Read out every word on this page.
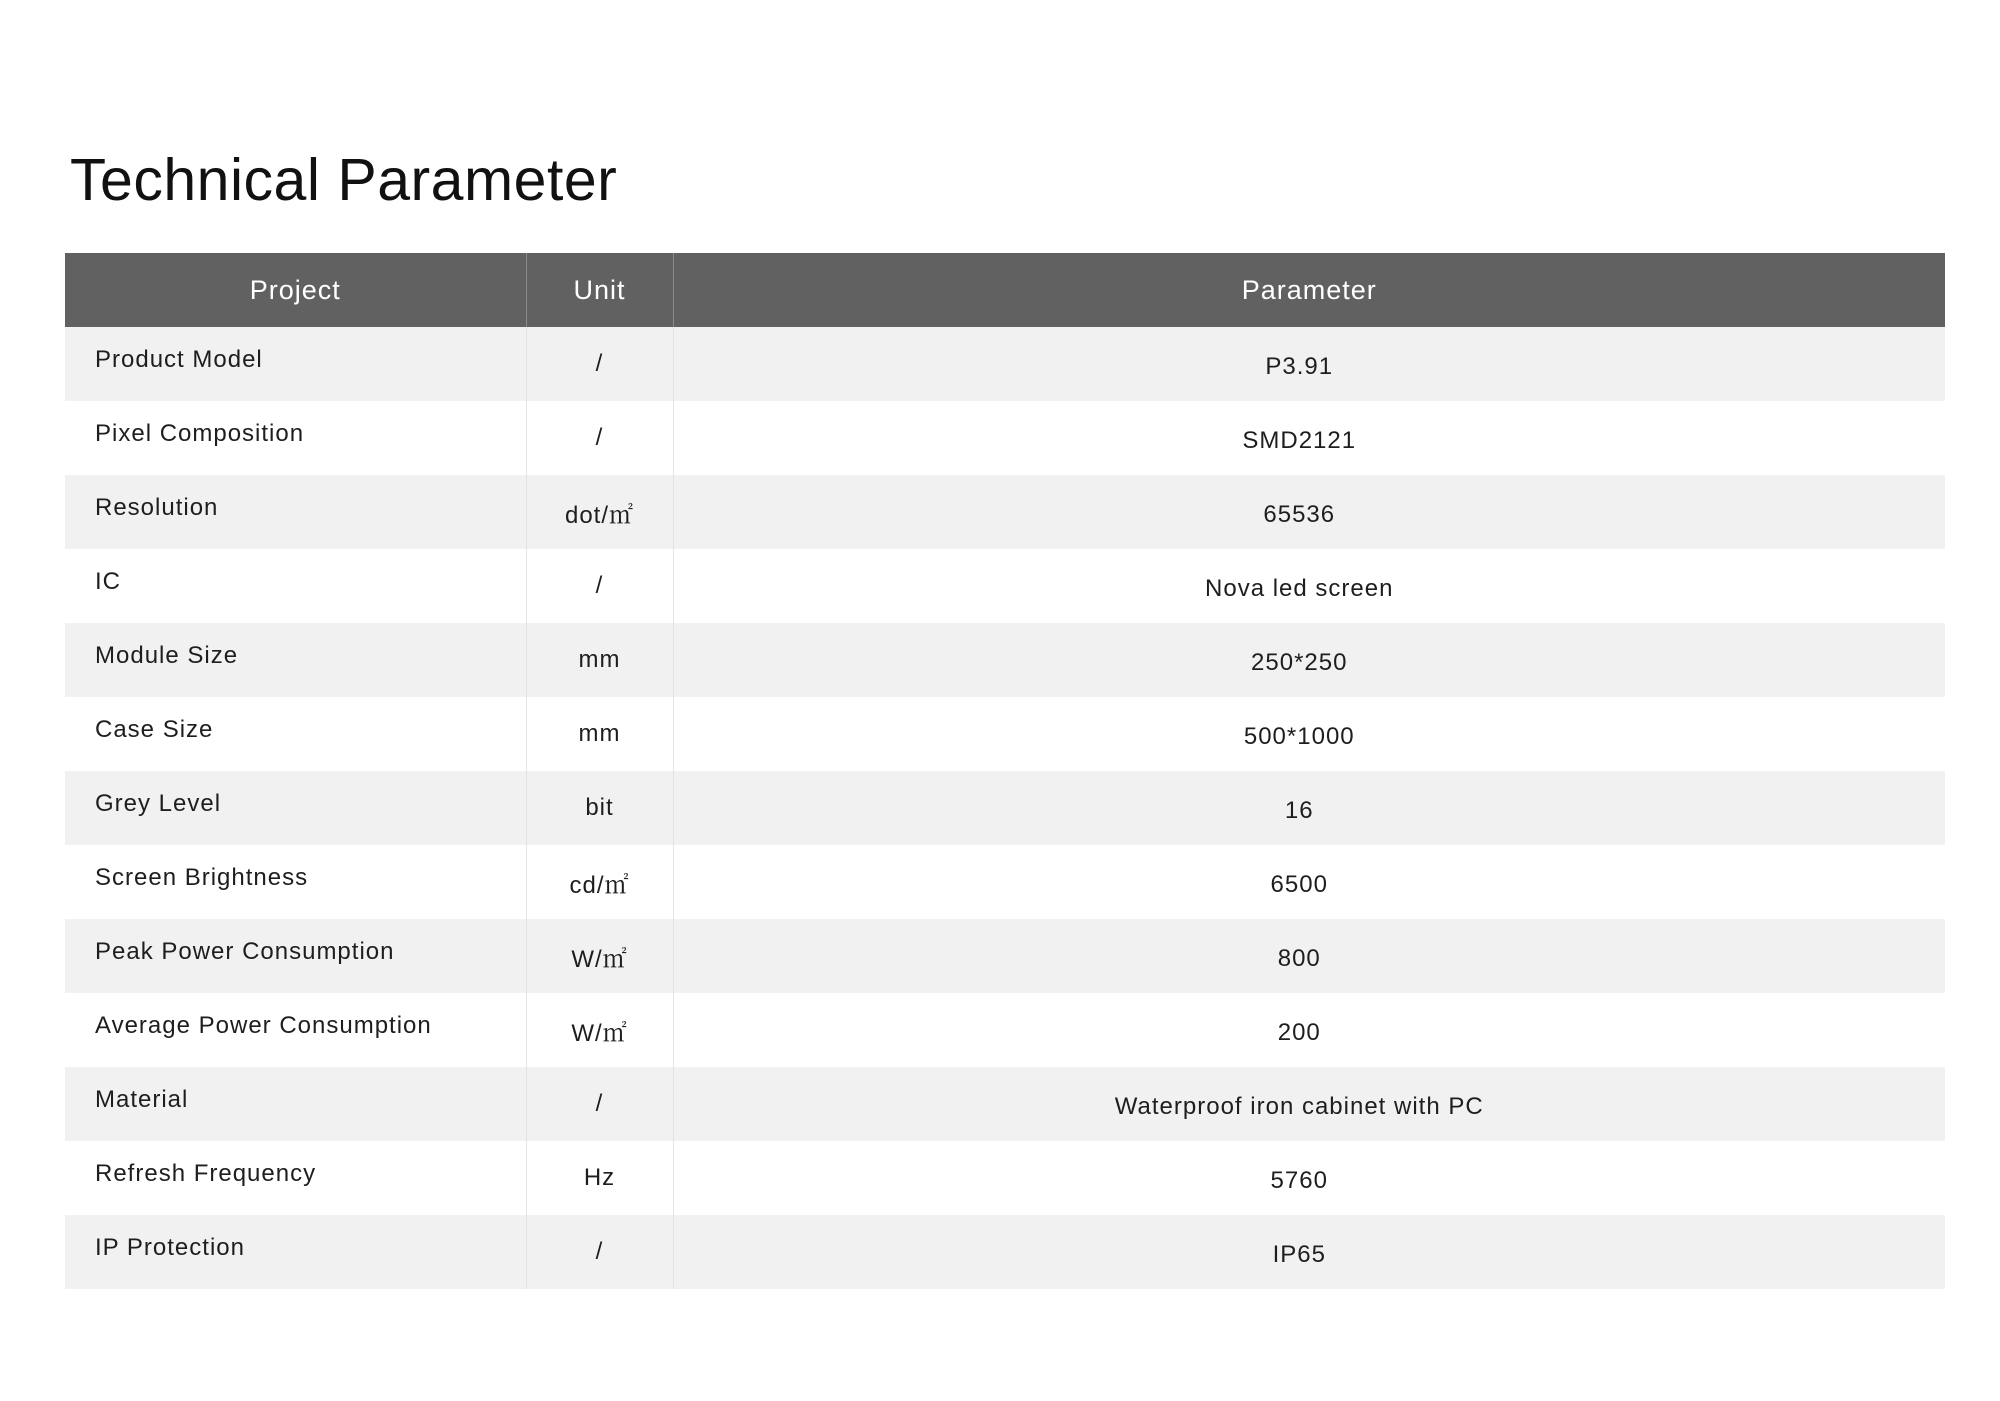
Technical Parameter
Project	Unit	Parameter
Product Model	/	P3.91
Pixel Composition	/	SMD2121
Resolution	dot/㎡	65536
IC	/	Nova led screen
Module Size	mm	250*250
Case Size	mm	500*1000
Grey Level	bit	16
Screen Brightness	cd/㎡	6500
Peak Power Consumption	W/㎡	800
Average Power Consumption	W/㎡	200
Material	/	Waterproof iron cabinet with PC
Refresh Frequency	Hz	5760
IP Protection	/	IP65
